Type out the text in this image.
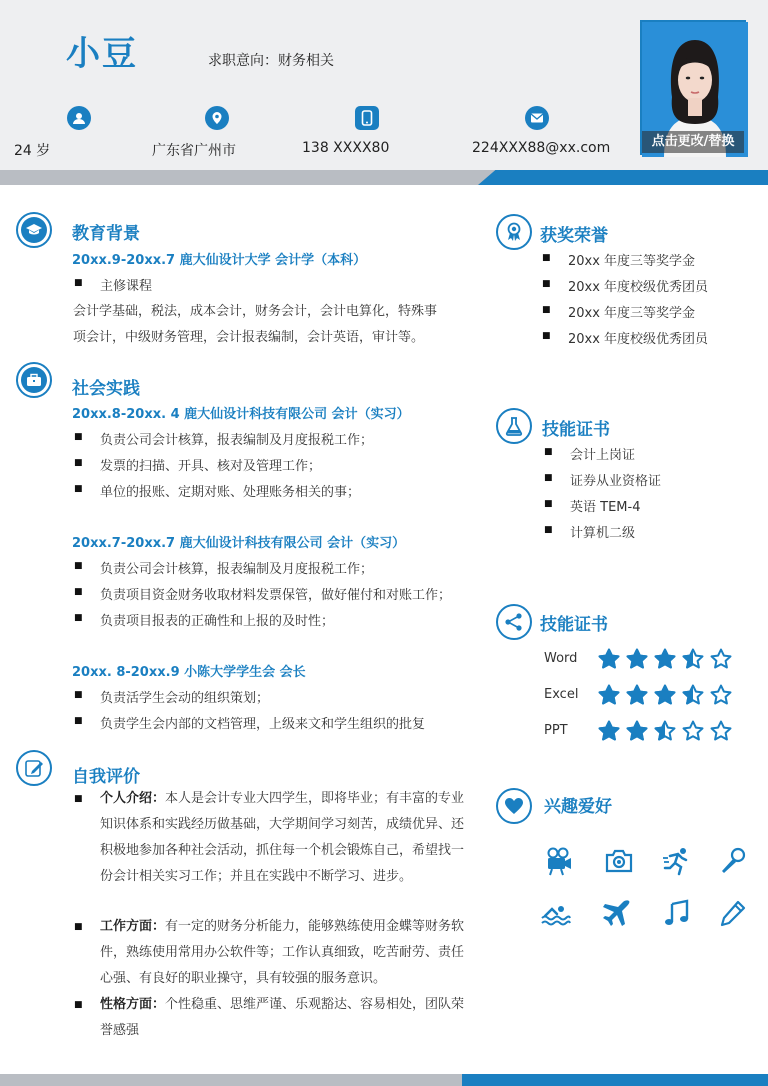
小豆	求职意向：财务相关
24 岁	广东省广州市	138 XXXX80	224XXX88@xx.com	点击更改/替换
教育背景
20xx.9-20xx.7 鹿大仙设计大学 会计学（本科）
■ 主修课程
会计学基础，税法，成本会计，财务会计，会计电算化，特殊事
项会计，中级财务管理，会计报表编制，会计英语，审计等。
社会实践
20xx.8-20xx. 4 鹿大仙设计科技有限公司 会计（实习）
■ 负责公司会计核算，报表编制及月度报税工作；
■ 发票的扫描、开具、核对及管理工作；
■ 单位的报账、定期对账、处理账务相关的事；
20xx.7-20xx.7 鹿大仙设计科技有限公司 会计（实习）
■ 负责公司会计核算，报表编制及月度报税工作；
■ 负责项目资金财务收取材料发票保管，做好催付和对账工作；
■ 负责项目报表的正确性和上报的及时性；
20xx. 8-20xx.9 小陈大学学生会 会长
■ 负责活学生会动的组织策划；
■ 负责学生会内部的文档管理，上级来文和学生组织的批复
自我评价
■ 个人介绍：本人是会计专业大四学生，即将毕业；有丰富的专业知识体系和实践经历做基础，大学期间学习刻苦，成绩优异、还积极地参加各种社会活动，抓住每一个机会锻炼自己，希望找一份会计相关实习工作；并且在实践中不断学习、进步。
■ 工作方面：有一定的财务分析能力，能够熟练使用金蝶等财务软件，熟练使用常用办公软件等；工作认真细致，吃苦耐劳、责任心强、有良好的职业操守，具有较强的服务意识。
■ 性格方面：个性稳重、思维严谨、乐观豁达、容易相处，团队荣誉感强
获奖荣誉
■ 20xx 年度三等奖学金
■ 20xx 年度校级优秀团员
■ 20xx 年度三等奖学金
■ 20xx 年度校级优秀团员
技能证书
■ 会计上岗证
■ 证券从业资格证
■ 英语 TEM-4
■ 计算机二级
技能证书
Word
Excel
PPT
兴趣爱好
